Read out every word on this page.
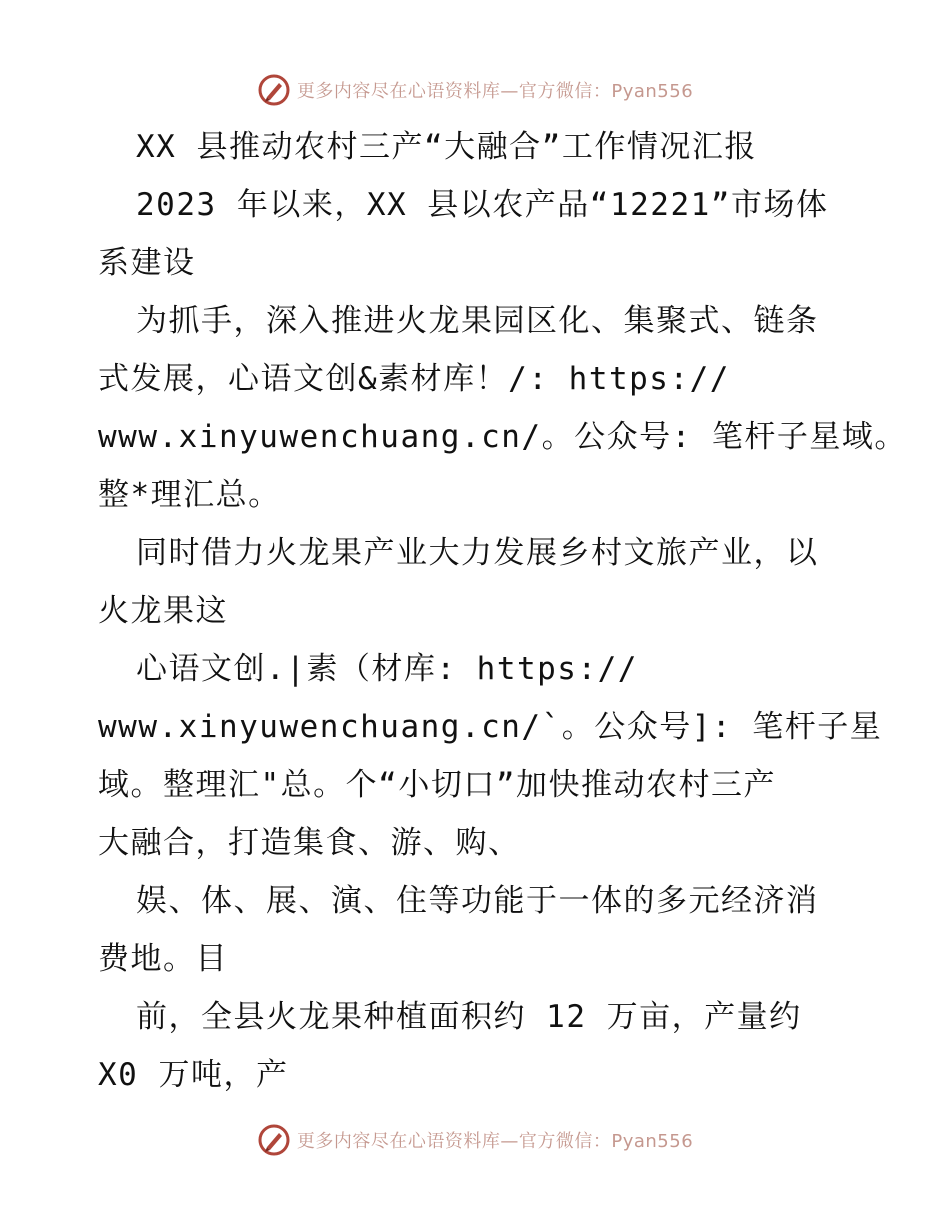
更多内容尽在心语资料库—官方微信：Pyan556
XX 县推动农村三产“大融合”工作情况汇报
2023 年以来，XX 县以农产品“12221”市场体
系建设
为抓手，深入推进火龙果园区化、集聚式、链条
式发展，心语文创&素材库！/: https://
www.xinyuwenchuang.cn/。公众号: 笔杆子星域。
整*理汇总。
同时借力火龙果产业大力发展乡村文旅产业，以
火龙果这
心语文创.|素（材库: https://
www.xinyuwenchuang.cn/`。公众号]: 笔杆子星
域。整理汇"总。个“小切口”加快推动农村三产
大融合，打造集食、游、购、
娱、体、展、演、住等功能于一体的多元经济消
费地。目
前，全县火龙果种植面积约 12 万亩，产量约
X0 万吨，产
更多内容尽在心语资料库—官方微信：Pyan556
